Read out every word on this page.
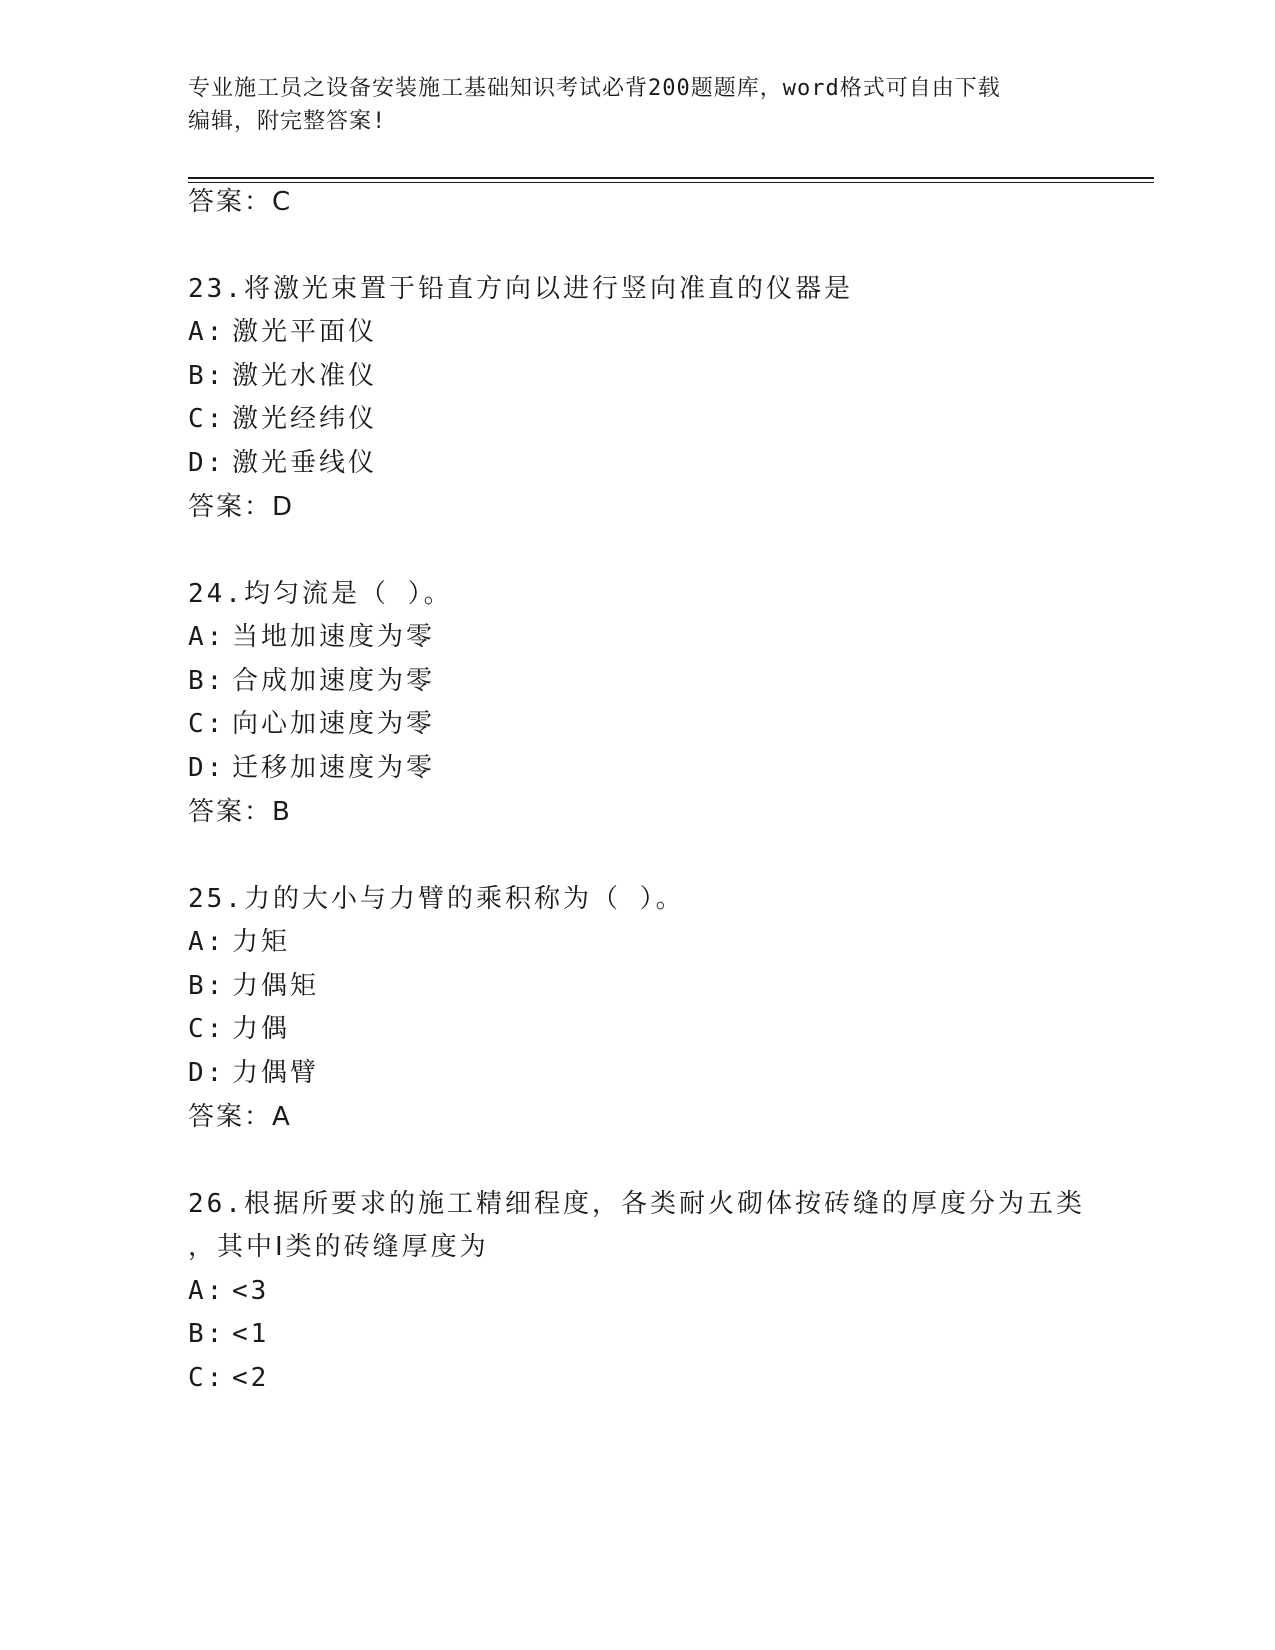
专业施工员之设备安装施工基础知识考试必背200题题库，word格式可自由下载
编辑，附完整答案!
答案：C
23.将激光束置于铅直方向以进行竖向准直的仪器是
A: 激光平面仪
B: 激光水准仪
C: 激光经纬仪
D: 激光垂线仪
答案：D
24.均匀流是（ ）。
A: 当地加速度为零
B: 合成加速度为零
C: 向心加速度为零
D: 迁移加速度为零
答案：B
25.力的大小与力臂的乘积称为（ ）。
A: 力矩
B: 力偶矩
C: 力偶
D: 力偶臂
答案：A
26.根据所要求的施工精细程度，各类耐火砌体按砖缝的厚度分为五类
，其中Ⅰ类的砖缝厚度为
A: <3
B: <1
C: <2
